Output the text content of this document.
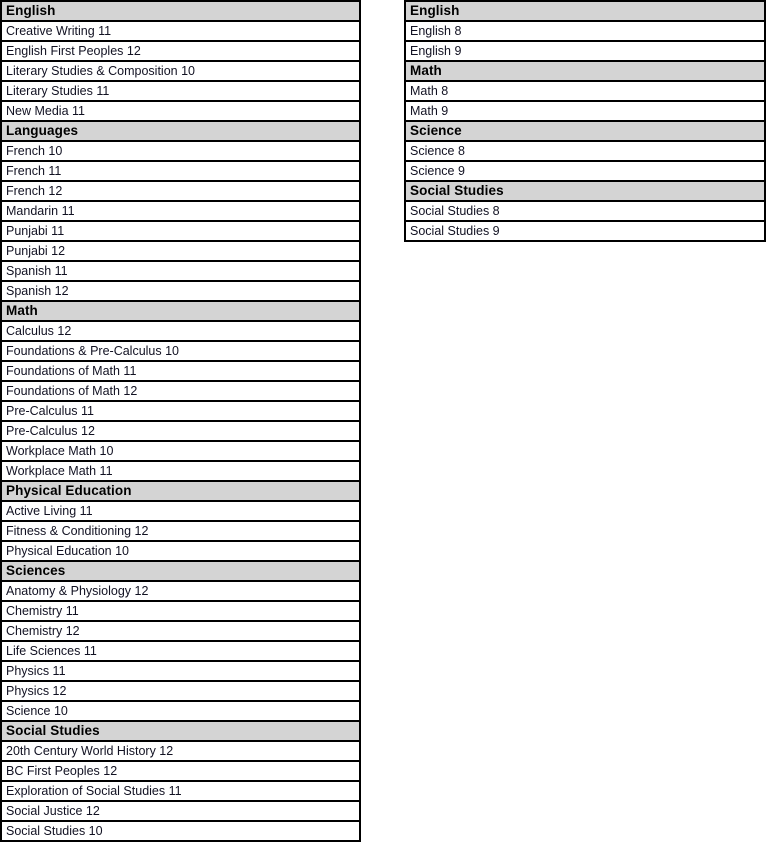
English
Creative Writing 11
English First Peoples 12
Literary Studies & Composition 10
Literary Studies 11
New Media 11
Languages
French 10
French 11
French 12
Mandarin 11
Punjabi 11
Punjabi 12
Spanish 11
Spanish 12
Math
Calculus 12
Foundations & Pre-Calculus 10
Foundations of Math 11
Foundations of Math 12
Pre-Calculus 11
Pre-Calculus 12
Workplace Math 10
Workplace Math 11
Physical Education
Active Living 11
Fitness & Conditioning 12
Physical Education 10
Sciences
Anatomy & Physiology 12
Chemistry 11
Chemistry 12
Life Sciences 11
Physics 11
Physics 12
Science 10
Social Studies
20th Century World History 12
BC First Peoples 12
Exploration of Social Studies 11
Social Justice 12
Social Studies 10
English
English 8
English 9
Math
Math 8
Math 9
Science
Science 8
Science 9
Social Studies
Social Studies 8
Social Studies 9
